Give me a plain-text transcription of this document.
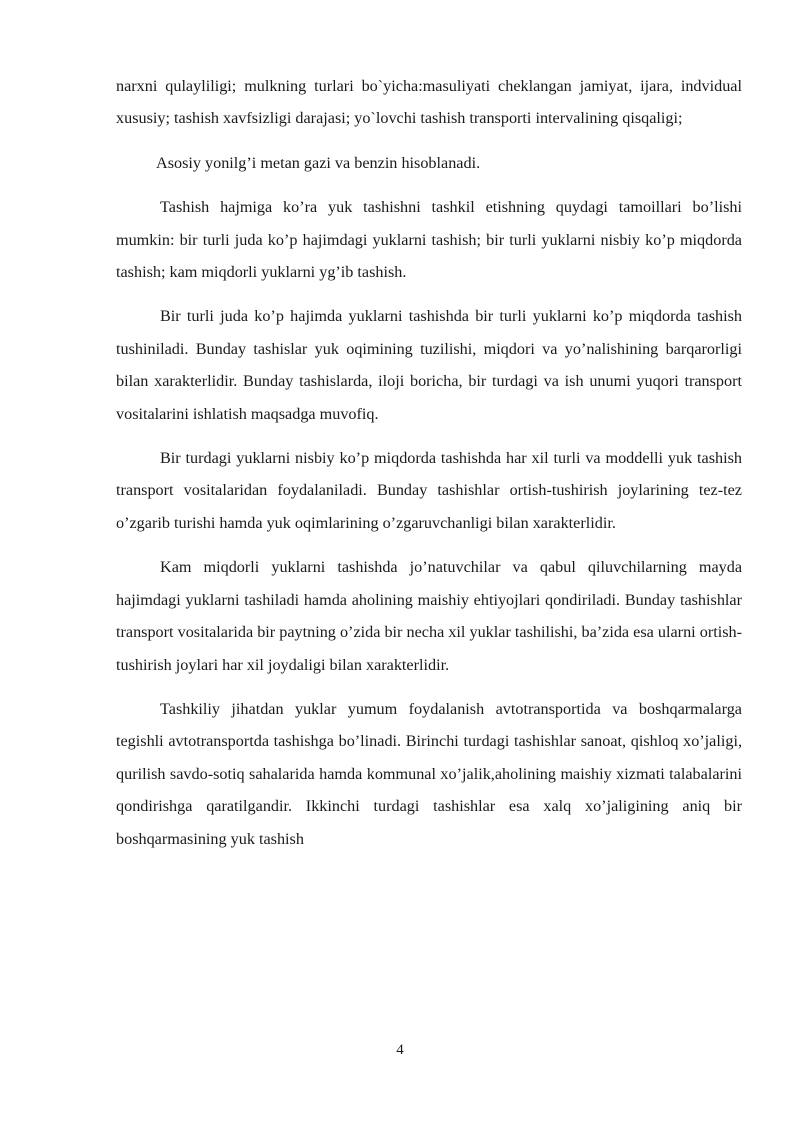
narxni qulayliligi; mulkning turlari bo`yicha:masuliyati cheklangan jamiyat, ijara, indvidual xususiy; tashish xavfsizligi darajasi; yo`lovchi tashish transporti intervalining qisqaligi;

Asosiy yonilg’i metan gazi va benzin hisoblanadi.

Tashish hajmiga ko’ra yuk tashishni tashkil etishning quydagi tamoillari bo’lishi mumkin: bir turli juda ko’p hajimdagi yuklarni tashish; bir turli yuklarni nisbiy ko’p miqdorda tashish; kam miqdorli yuklarni yg’ib tashish.

Bir turli juda ko’p hajimda yuklarni tashishda bir turli yuklarni ko’p miqdorda tashish tushiniladi. Bunday tashislar yuk oqimining tuzilishi, miqdori va yo’nalishining barqarorligi bilan xarakterlidir. Bunday tashislarda, iloji boricha, bir turdagi va ish unumi yuqori transport vositalarini ishlatish maqsadga muvofiq.

Bir turdagi yuklarni nisbiy ko’p miqdorda tashishda har xil turli va moddelli yuk tashish transport vositalaridan foydalaniladi. Bunday tashishlar ortish-tushirish joylarining tez-tez o’zgarib turishi hamda yuk oqimlarining o’zgaruvchanligi bilan xarakterlidir.

Kam miqdorli yuklarni tashishda jo’natuvchilar va qabul qiluvchilarning mayda hajimdagi yuklarni tashiladi hamda aholining maishiy ehtiyojlari qondiriladi. Bunday tashishlar transport vositalarida bir paytning o’zida bir necha xil yuklar tashilishi, ba’zida esa ularni ortish-tushirish joylari har xil joydaligi bilan xarakterlidir.

Tashkiliy jihatdan yuklar yumum foydalanish avtotransportida va boshqarmalarga tegishli avtotransportda tashishga bo’linadi. Birinchi turdagi tashishlar sanoat, qishloq xo’jaligi, qurilish savdo-sotiq sahalarida hamda kommunal xo’jalik,aholining maishiy xizmati talabalarini qondirishga qaratilgandir. Ikkinchi turdagi tashishlar esa xalq xo’jaligining aniq bir boshqarmasining yuk tashish

4
